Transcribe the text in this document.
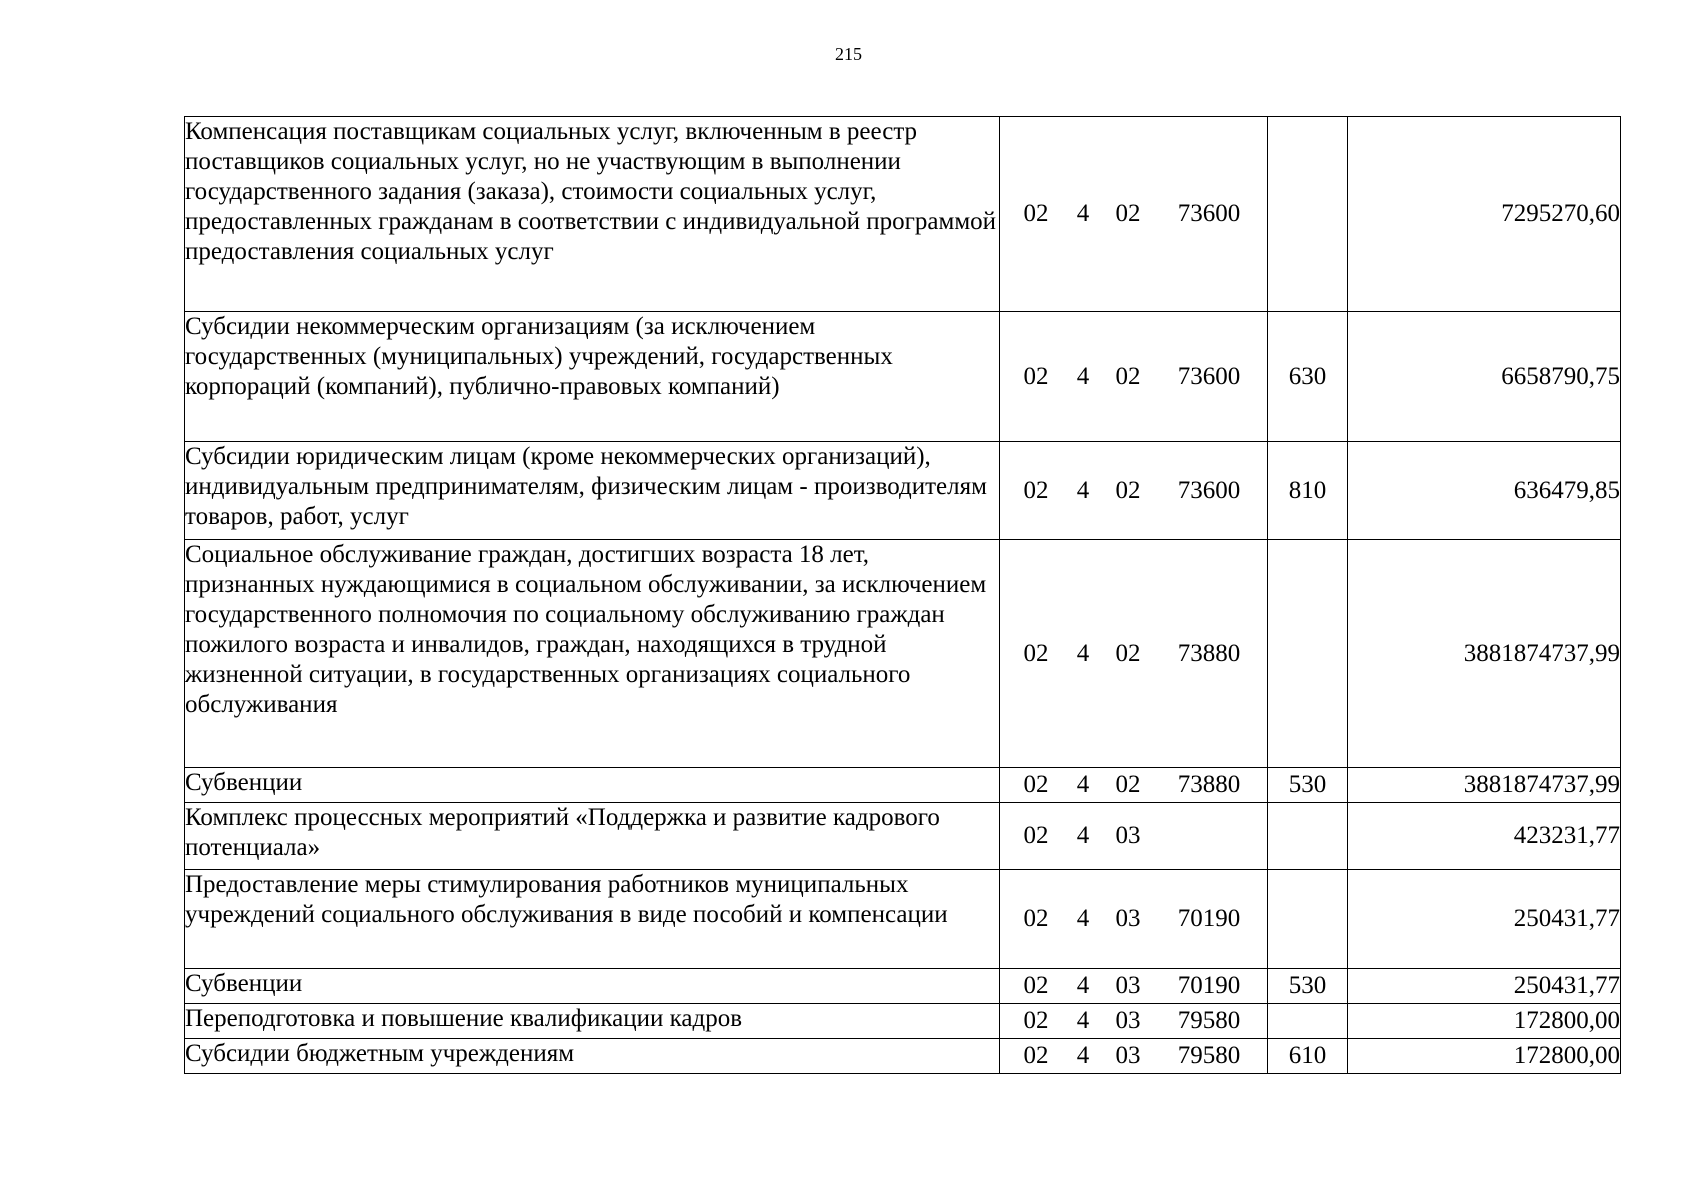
215
Компенсация поставщикам социальных услуг, включенным в реестр поставщиков социальных услуг, но не участвующим в выполнении государственного задания (заказа), стоимости социальных услуг, предоставленных гражданам в соответствии с индивидуальной программой предоставления социальных услуг	02 4 02 73600		7295270,60
Субсидии некоммерческим организациям (за исключением государственных (муниципальных) учреждений, государственных корпораций (компаний), публично-правовых компаний)	02 4 02 73600	630	6658790,75
Субсидии юридическим лицам (кроме некоммерческих организаций), индивидуальным предпринимателям, физическим лицам - производителям товаров, работ, услуг	02 4 02 73600	810	636479,85
Социальное обслуживание граждан, достигших возраста 18 лет, признанных нуждающимися в социальном обслуживании, за исключением государственного полномочия по социальному обслуживанию граждан пожилого возраста и инвалидов, граждан, находящихся в трудной жизненной ситуации, в государственных организациях социального обслуживания	02 4 02 73880		3881874737,99
Субвенции	02 4 02 73880	530	3881874737,99
Комплекс процессных мероприятий «Поддержка и развитие кадрового потенциала»	02 4 03		423231,77
Предоставление меры стимулирования работников муниципальных учреждений социального обслуживания в виде пособий и компенсации	02 4 03 70190		250431,77
Субвенции	02 4 03 70190	530	250431,77
Переподготовка и повышение квалификации кадров	02 4 03 79580		172800,00
Субсидии бюджетным учреждениям	02 4 03 79580	610	172800,00
